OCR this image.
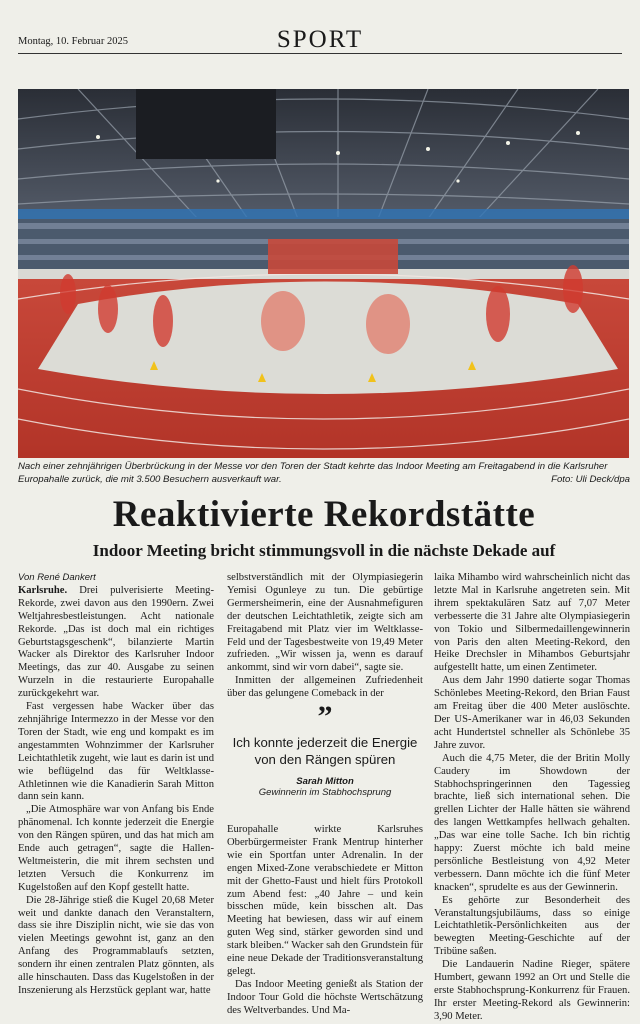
Montag, 10. Februar 2025	SPORT
Nach einer zehnjährigen Überbrückung in der Messe vor den Toren der Stadt kehrte das Indoor Meeting am Freitagabend in die Karlsruher Europahalle zurück, die mit 3.500 Besuchern ausverkauft war.	Foto: Uli Deck/dpa
Reaktivierte Rekordstätte
Indoor Meeting bricht stimmungsvoll in die nächste Dekade auf

Von René Dankert

Karlsruhe. Drei pulverisierte Meeting-Rekorde, zwei davon aus den 1990ern. Zwei Weltjahresbestleistungen. Acht nationale Rekorde. „Das ist doch mal ein richtiges Geburtstagsgeschenk“, bilanzierte Martin Wacker als Direktor des Karlsruher Indoor Meetings, das zur 40. Ausgabe zu seinen Wurzeln in die restaurierte Europahalle zurückgekehrt war.

Fast vergessen habe Wacker über das zehnjährige Intermezzo in der Messe vor den Toren der Stadt, wie eng und kompakt es im angestammten Wohnzimmer der Karlsruher Leichtathletik zugeht, wie laut es darin ist und wie beflügelnd das für Weltklasse-Athletinnen wie die Kanadierin Sarah Mitton dann sein kann.

„Die Atmosphäre war von Anfang bis Ende phänomenal. Ich konnte jederzeit die Energie von den Rängen spüren, und das hat mich am Ende auch getragen“, sagte die Hallen-Weltmeisterin, die mit ihrem sechsten und letzten Versuch die Konkurrenz im Kugelstoßen auf den Kopf gestellt hatte.

Die 28-Jährige stieß die Kugel 20,68 Meter weit und dankte danach den Veranstaltern, dass sie ihre Disziplin nicht, wie sie das von vielen Meetings gewohnt ist, ganz an den Anfang des Programmablaufs setzten, sondern ihr einen zentralen Platz gönnten, als alle hinschauten. Dass das Kugelstoßen in der Inszenierung als Herzstück geplant war, hatte

selbstverständlich mit der Olympiasiegerin Yemisi Ogunleye zu tun. Die gebürtige Germersheimerin, eine der Ausnahmefiguren der deutschen Leichtathletik, zeigte sich am Freitagabend mit Platz vier im Weltklasse-Feld und der Tagesbestweite von 19,49 Meter zufrieden. „Wir wissen ja, wenn es darauf ankommt, sind wir vorn dabei“, sagte sie.

Inmitten der allgemeinen Zufriedenheit über das gelungene Comeback in der

”
Ich konnte jederzeit die Energie von den Rängen spüren
Sarah Mitton
Gewinnerin im Stabhochsprung

Europahalle wirkte Karlsruhes Oberbürgermeister Frank Mentrup hinterher wie ein Sportfan unter Adrenalin. In der engen Mixed-Zone verabschiedete er Mitton mit der Ghetto-Faust und hielt fürs Protokoll zum Abend fest: „40 Jahre – und kein bisschen müde, kein bisschen alt. Das Meeting hat bewiesen, dass wir auf einem guten Weg sind, stärker geworden sind und stark bleiben.“ Wacker sah den Grundstein für eine neue Dekade der Traditionsveranstaltung gelegt.

Das Indoor Meeting genießt als Station der Indoor Tour Gold die höchste Wertschätzung des Weltverbandes. Und Ma-

laika Mihambo wird wahrscheinlich nicht das letzte Mal in Karlsruhe angetreten sein. Mit ihrem spektakulären Satz auf 7,07 Meter verbesserte die 31 Jahre alte Olympiasiegerin von Tokio und Silbermedaillengewinnerin von Paris den alten Meeting-Rekord, den Heike Drechsler in Mihambos Geburtsjahr aufgestellt hatte, um einen Zentimeter.

Aus dem Jahr 1990 datierte sogar Thomas Schönlebes Meeting-Rekord, den Brian Faust am Freitag über die 400 Meter auslöschte. Der US-Amerikaner war in 46,03 Sekunden acht Hundertstel schneller als Schönlebe 35 Jahre zuvor.

Auch die 4,75 Meter, die der Britin Molly Caudery im Showdown der Stabhochspringerinnen den Tagessieg brachte, ließ sich international sehen. Die grellen Lichter der Halle hätten sie während des langen Wettkampfes hellwach gehalten. „Das war eine tolle Sache. Ich bin richtig happy: Zuerst möchte ich bald meine persönliche Bestleistung von 4,92 Meter verbessern. Dann möchte ich die fünf Meter knacken“, sprudelte es aus der Gewinnerin.

Es gehörte zur Besonderheit des Veranstaltungsjubiläums, dass so einige Leichtathletik-Persönlichkeiten aus der bewegten Meeting-Geschichte auf der Tribüne saßen.

Die Landauerin Nadine Rieger, spätere Humbert, gewann 1992 an Ort und Stelle die erste Stabhochsprung-Konkurrenz für Frauen. Ihr erster Meeting-Rekord als Gewinnerin: 3,90 Meter.
